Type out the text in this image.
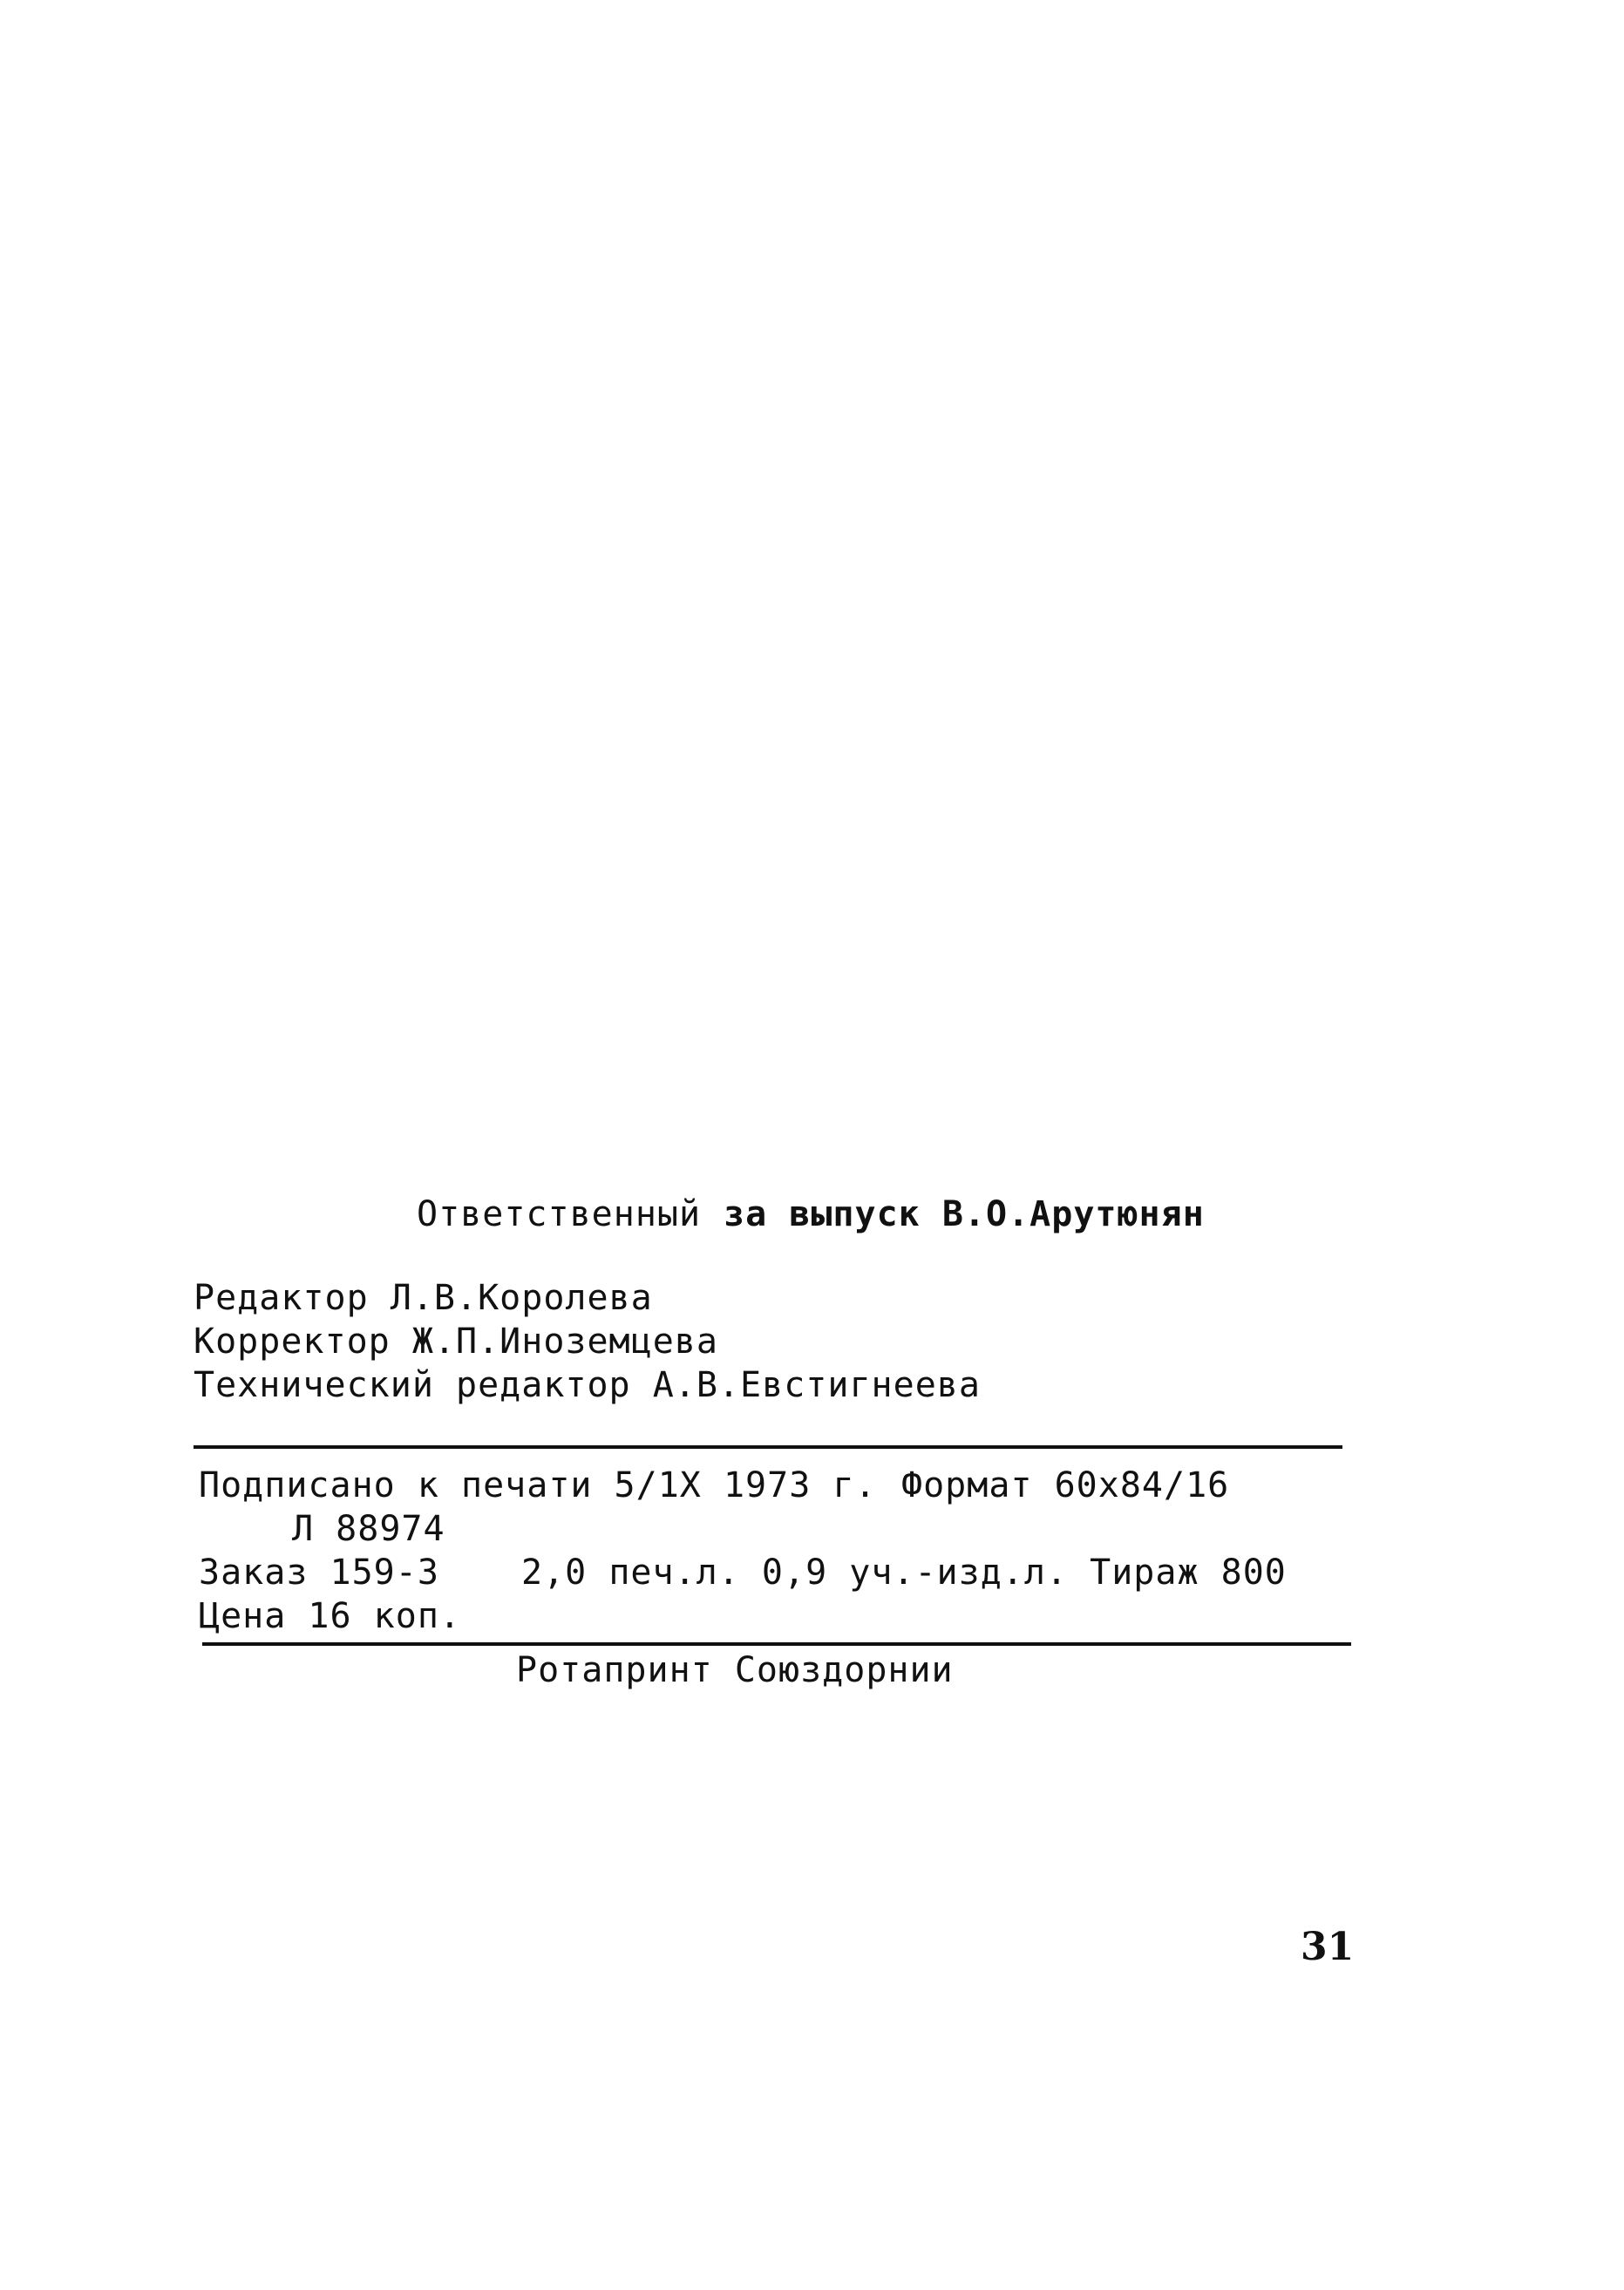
Ответственный за выпуск В.О.Арутюнян
Редактор Л.В.Королева
Корректор Ж.П.Иноземцева
Технический редактор А.В.Евстигнеева
Подписано к печати 5/1X 1973 г. Формат 60х84/16
Л 88974
Заказ 159-3 2,0 печ.л. 0,9 уч.-изд.л. Тираж 800
Цена 16 коп.
Ротапринт Союздорнии
31
